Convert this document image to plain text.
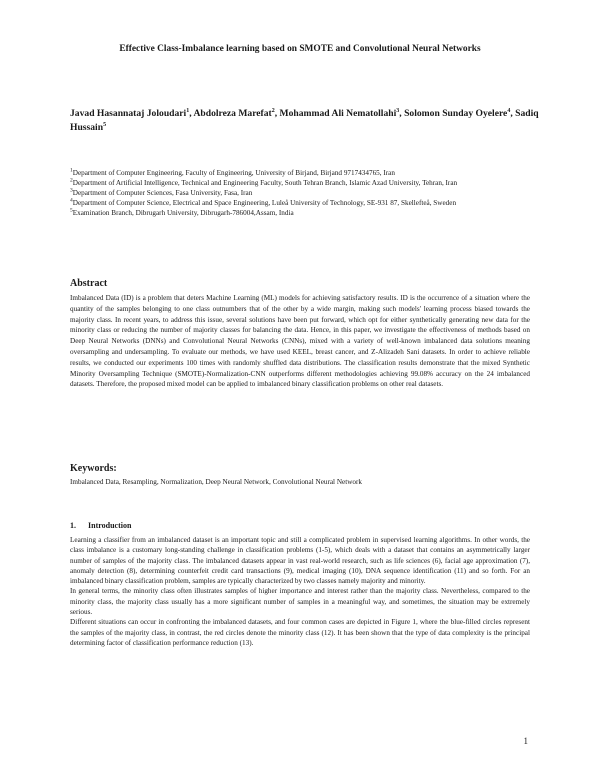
Effective Class-Imbalance learning based on SMOTE and Convolutional Neural Networks
Javad Hasannataj Joloudari$^1$, Abdolreza Marefat$^2$, Mohammad Ali Nematollahi$^3$, Solomon Sunday Oyelere$^4$, Sadiq Hussain$^5$

$^1$Department of Computer Engineering, Faculty of Engineering, University of Birjand, Birjand 9717434765, Iran

$^2$Department of Artificial Intelligence, Technical and Engineering Faculty, South Tehran Branch, Islamic Azad University, Tehran, Iran

$^3$Department of Computer Sciences, Fasa University, Fasa, Iran

$^4$Department of Computer Science, Electrical and Space Engineering, Luleå University of Technology, SE-931 87, Skellefteå, Sweden

$^5$Examination Branch, Dibrugarh University, Dibrugarh-786004,Assam, India

Abstract
Imbalanced Data (ID) is a problem that deters Machine Learning (ML) models for achieving satisfactory results. ID is the occurrence of a situation where the quantity of the samples belonging to one class outnumbers that of the other by a wide margin, making such models' learning process biased towards the majority class. In recent years, to address this issue, several solutions have been put forward, which opt for either synthetically generating new data for the minority class or reducing the number of majority classes for balancing the data. Hence, in this paper, we investigate the effectiveness of methods based on Deep Neural Networks (DNNs) and Convolutional Neural Networks (CNNs), mixed with a variety of well-known imbalanced data solutions meaning oversampling and undersampling. To evaluate our methods, we have used KEEL, breast cancer, and Z-Alizadeh Sani datasets. In order to achieve reliable results, we conducted our experiments 100 times with randomly shuffled data distributions. The classification results demonstrate that the mixed Synthetic Minority Oversampling Technique (SMOTE)-Normalization-CNN outperforms different methodologies achieving 99.08% accuracy on the 24 imbalanced datasets. Therefore, the proposed mixed model can be applied to imbalanced binary classification problems on other real datasets.
Keywords:
Imbalanced Data, Resampling, Normalization, Deep Neural Network, Convolutional Neural Network
1. Introduction

Learning a classifier from an imbalanced dataset is an important topic and still a complicated problem in supervised learning algorithms. In other words, the class imbalance is a customary long-standing challenge in classification problems (1-5), which deals with a dataset that contains an asymmetrically larger number of samples of the majority class. The imbalanced datasets appear in vast real-world research, such as life sciences (6), facial age approximation (7), anomaly detection (8), determining counterfeit credit card transactions (9), medical imaging (10), DNA sequence identification (11) and so forth. For an imbalanced binary classification problem, samples are typically characterized by two classes namely majority and minority.

In general terms, the minority class often illustrates samples of higher importance and interest rather than the majority class. Nevertheless, compared to the minority class, the majority class usually has a more significant number of samples in a meaningful way, and sometimes, the situation may be extremely serious.

Different situations can occur in confronting the imbalanced datasets, and four common cases are depicted in Figure 1, where the blue-filled circles represent the samples of the majority class, in contrast, the red circles denote the minority class (12). It has been shown that the type of data complexity is the principal determining factor of classification performance reduction (13).

1
